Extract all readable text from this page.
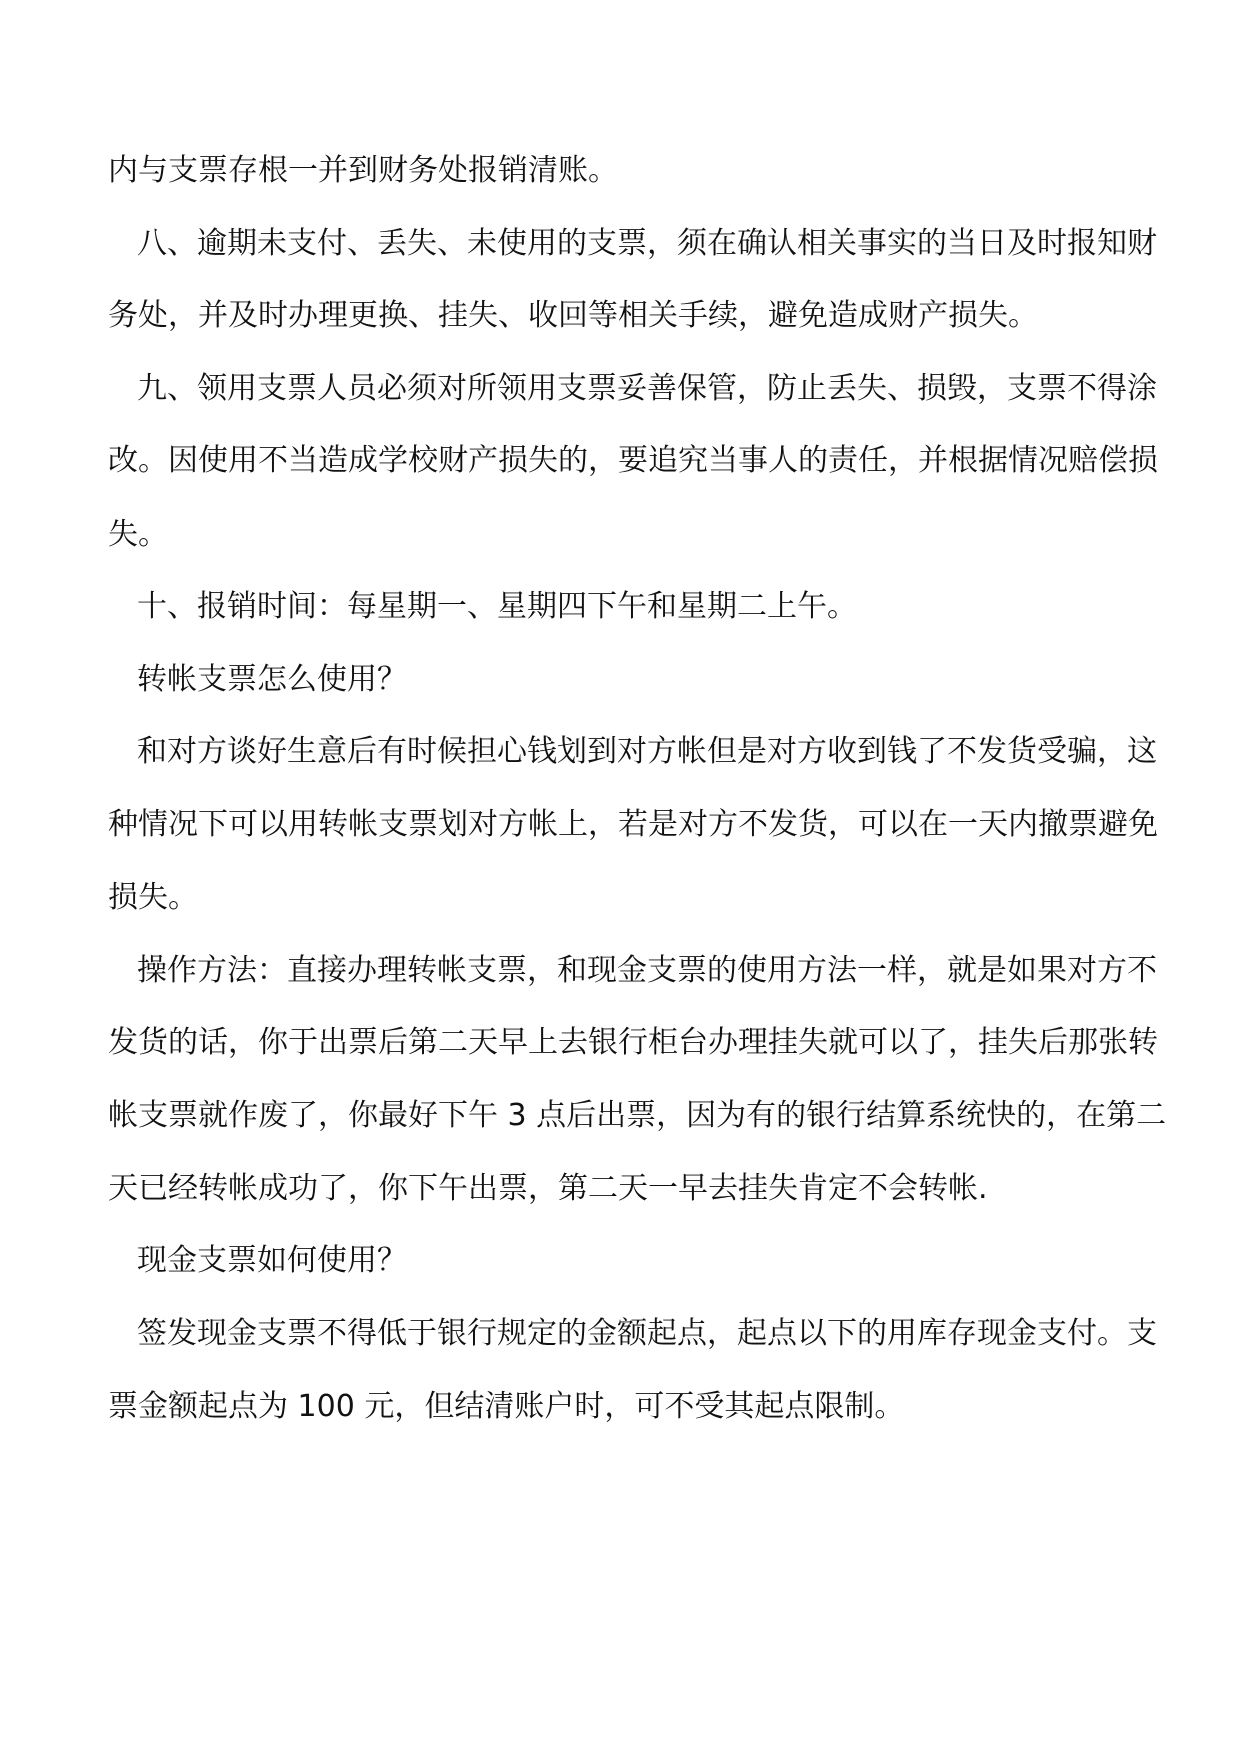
内与支票存根一并到财务处报销清账。
八、逾期未支付、丢失、未使用的支票，须在确认相关事实的当日及时报知财
务处，并及时办理更换、挂失、收回等相关手续，避免造成财产损失。
九、领用支票人员必须对所领用支票妥善保管，防止丢失、损毁，支票不得涂
改。因使用不当造成学校财产损失的，要追究当事人的责任，并根据情况赔偿损
失。
十、报销时间：每星期一、星期四下午和星期二上午。
转帐支票怎么使用？
和对方谈好生意后有时候担心钱划到对方帐但是对方收到钱了不发货受骗，这
种情况下可以用转帐支票划对方帐上，若是对方不发货，可以在一天内撤票避免
损失。
操作方法：直接办理转帐支票，和现金支票的使用方法一样，就是如果对方不
发货的话，你于出票后第二天早上去银行柜台办理挂失就可以了，挂失后那张转
帐支票就作废了，你最好下午 3 点后出票，因为有的银行结算系统快的，在第二
天已经转帐成功了，你下午出票，第二天一早去挂失肯定不会转帐.
现金支票如何使用？
签发现金支票不得低于银行规定的金额起点，起点以下的用库存现金支付。支
票金额起点为 100 元，但结清账户时，可不受其起点限制。
